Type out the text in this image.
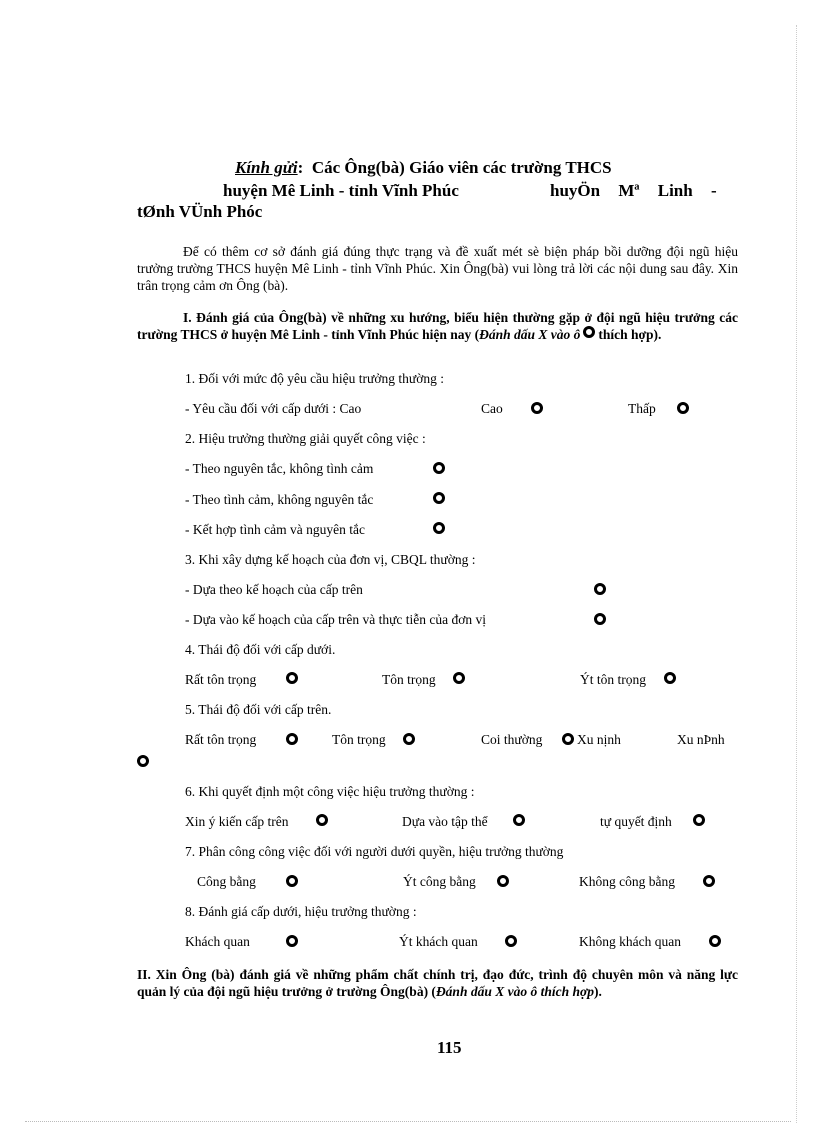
Kính gửi: Các Ông(bà) Giáo viên các trường THCS
huyện Mê Linh - tỉnh Vĩnh Phúc	huyÖn Mª Linh -
tØnh VÜnh Phóc
Để có thêm cơ sở đánh giá đúng thực trạng và đề xuất mét sè biện pháp bồi dưỡng đội ngũ hiệu trưởng trường THCS huyện Mê Linh - tỉnh Vĩnh Phúc. Xin Ông(bà) vui lòng trả lời các nội dung sau đây. Xin trân trọng cảm ơn Ông (bà).
I. Đánh giá của Ông(bà) về những xu hướng, biểu hiện thường gặp ở đội ngũ hiệu trưởng các trường THCS ở huyện Mê Linh - tỉnh Vĩnh Phúc hiện nay (Đánh dấu X vào ô thích hợp).
1. Đối với mức độ yêu cầu hiệu trưởng thường :
- Yêu cầu đối với cấp dưới : Cao	Cao	Thấp
2. Hiệu trưởng thường giải quyết công việc :
- Theo nguyên tắc, không tình cảm
- Theo tình cảm, không nguyên tắc
- Kết hợp tình cảm và nguyên tắc
3. Khi xây dựng kế hoạch của đơn vị, CBQL thường :
- Dựa theo kế hoạch của cấp trên
- Dựa vào kế hoạch của cấp trên và thực tiễn của đơn vị
4. Thái độ đối với cấp dưới.
Rất tôn trọng	Tôn trọng	Ýt tôn trọng
5. Thái độ đối với cấp trên.
Rất tôn trọng	Tôn trọng	Coi thường	Xu nịnh	Xu nÞnh
6. Khi quyết định một công việc hiệu trưởng thường :
Xin ý kiến cấp trên	Dựa vào tập thể	tự quyết định
7. Phân công công việc đối với người dưới quyền, hiệu trưởng thường
Công bằng	Ýt công bằng	Không công bằng
8. Đánh giá cấp dưới, hiệu trưởng thường :
Khách quan	Ýt khách quan	Không khách quan
II. Xin Ông (bà) đánh giá về những phẩm chất chính trị, đạo đức, trình độ chuyên môn và năng lực quản lý của đội ngũ hiệu trưởng ở trường Ông(bà) (Đánh dấu X vào ô thích hợp).
115
